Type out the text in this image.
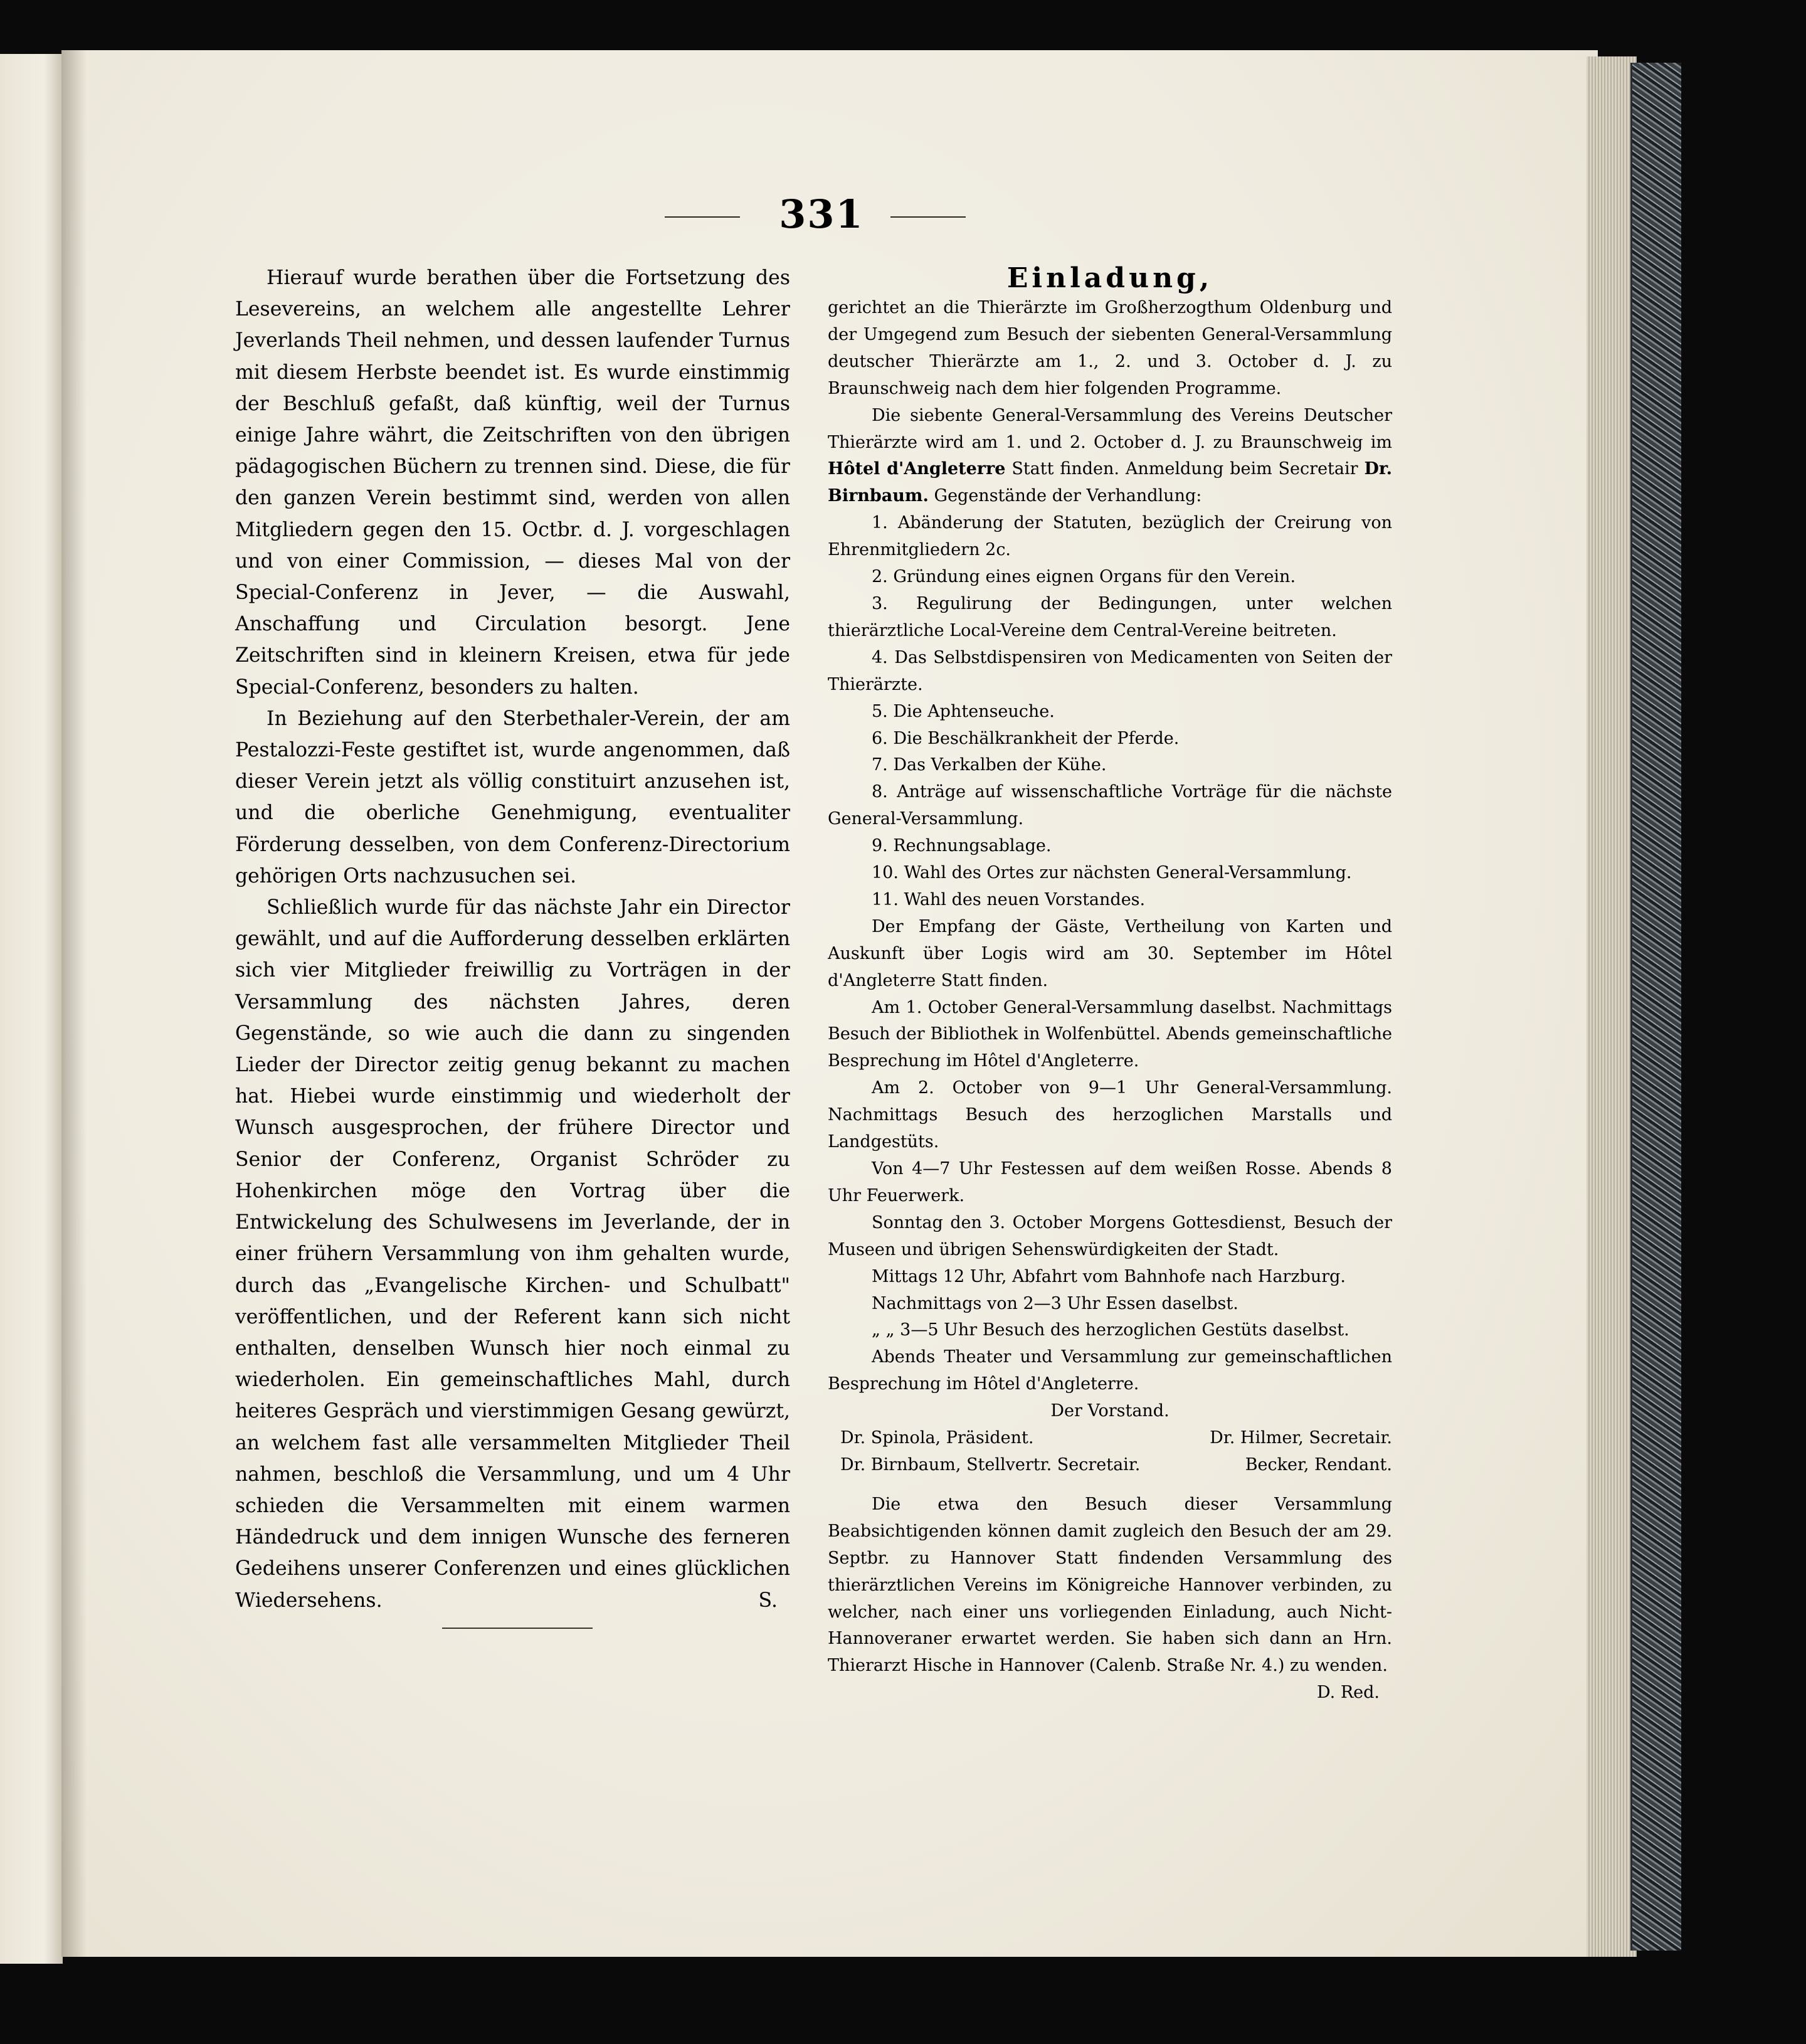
331

Hierauf wurde berathen über die Fortsetzung des Lesevereins, an welchem alle angestellte Lehrer Jeverlands Theil nehmen, und dessen laufender Turnus mit diesem Herbste beendet ist. Es wurde einstimmig der Beschluß gefaßt, daß künftig, weil der Turnus einige Jahre währt, die Zeitschriften von den übrigen pädagogischen Büchern zu trennen sind. Diese, die für den ganzen Verein bestimmt sind, werden von allen Mitgliedern gegen den 15. Octbr. d. J. vorgeschlagen und von einer Commission, — dieses Mal von der Special-Conferenz in Jever, — die Auswahl, Anschaffung und Circulation besorgt. Jene Zeitschriften sind in kleinern Kreisen, etwa für jede Special-Conferenz, besonders zu halten.

In Beziehung auf den Sterbethaler-Verein, der am Pestalozzi-Feste gestiftet ist, wurde angenommen, daß dieser Verein jetzt als völlig constituirt anzusehen ist, und die oberliche Genehmigung, eventualiter Förderung desselben, von dem Conferenz-Directorium gehörigen Orts nachzusuchen sei.

Schließlich wurde für das nächste Jahr ein Director gewählt, und auf die Aufforderung desselben erklärten sich vier Mitglieder freiwillig zu Vorträgen in der Versammlung des nächsten Jahres, deren Gegenstände, so wie auch die dann zu singenden Lieder der Director zeitig genug bekannt zu machen hat. Hiebei wurde einstimmig und wiederholt der Wunsch ausgesprochen, der frühere Director und Senior der Conferenz, Organist Schröder zu Hohenkirchen möge den Vortrag über die Entwickelung des Schulwesens im Jeverlande, der in einer frühern Versammlung von ihm gehalten wurde, durch das „Evangelische Kirchen- und Schulbatt" veröffentlichen, und der Referent kann sich nicht enthalten, denselben Wunsch hier noch einmal zu wiederholen. Ein gemeinschaftliches Mahl, durch heiteres Gespräch und vierstimmigen Gesang gewürzt, an welchem fast alle versammelten Mitglieder Theil nahmen, beschloß die Versammlung, und um 4 Uhr schieden die Versammelten mit einem warmen Händedruck und dem innigen Wunsche des ferneren Gedeihens unserer Conferenzen und eines glücklichen Wiedersehens.	S.
Einladung,

gerichtet an die Thierärzte im Großherzogthum Oldenburg und der Umgegend zum Besuch der siebenten General-Versammlung deutscher Thierärzte am 1., 2. und 3. October d. J. zu Braunschweig nach dem hier folgenden Programme.

Die siebente General-Versammlung des Vereins Deutscher Thierärzte wird am 1. und 2. October d. J. zu Braunschweig im Hôtel d'Angleterre Statt finden. Anmeldung beim Secretair Dr. Birnbaum. Gegenstände der Verhandlung:

1. Abänderung der Statuten, bezüglich der Creirung von Ehrenmitgliedern 2c.

2. Gründung eines eignen Organs für den Verein.

3. Regulirung der Bedingungen, unter welchen thierärztliche Local-Vereine dem Central-Vereine beitreten.

4. Das Selbstdispensiren von Medicamenten von Seiten der Thierärzte.

5. Die Aphtenseuche.

6. Die Beschälkrankheit der Pferde.

7. Das Verkalben der Kühe.

8. Anträge auf wissenschaftliche Vorträge für die nächste General-Versammlung.

9. Rechnungsablage.

10. Wahl des Ortes zur nächsten General-Versammlung.

11. Wahl des neuen Vorstandes.

Der Empfang der Gäste, Vertheilung von Karten und Auskunft über Logis wird am 30. September im Hôtel d'Angleterre Statt finden.

Am 1. October General-Versammlung daselbst. Nachmittags Besuch der Bibliothek in Wolfenbüttel. Abends gemeinschaftliche Besprechung im Hôtel d'Angleterre.

Am 2. October von 9—1 Uhr General-Versammlung. Nachmittags Besuch des herzoglichen Marstalls und Landgestüts.

Von 4—7 Uhr Festessen auf dem weißen Rosse. Abends 8 Uhr Feuerwerk.

Sonntag den 3. October Morgens Gottesdienst, Besuch der Museen und übrigen Sehenswürdigkeiten der Stadt.

Mittags 12 Uhr, Abfahrt vom Bahnhofe nach Harzburg.

Nachmittags von 2—3 Uhr Essen daselbst.

„ „ 3—5 Uhr Besuch des herzoglichen Gestüts daselbst.

Abends Theater und Versammlung zur gemeinschaftlichen Besprechung im Hôtel d'Angleterre.

Der Vorstand.

Dr. Spinola, Präsident.	Dr. Hilmer, Secretair.
Dr. Birnbaum, Stellvertr. Secretair.	Becker, Rendant.

Die etwa den Besuch dieser Versammlung Beabsichtigenden können damit zugleich den Besuch der am 29. Septbr. zu Hannover Statt findenden Versammlung des thierärztlichen Vereins im Königreiche Hannover verbinden, zu welcher, nach einer uns vorliegenden Einladung, auch Nicht-Hannoveraner erwartet werden. Sie haben sich dann an Hrn. Thierarzt Hische in Hannover (Calenb. Straße Nr. 4.) zu wenden.

D. Red.
